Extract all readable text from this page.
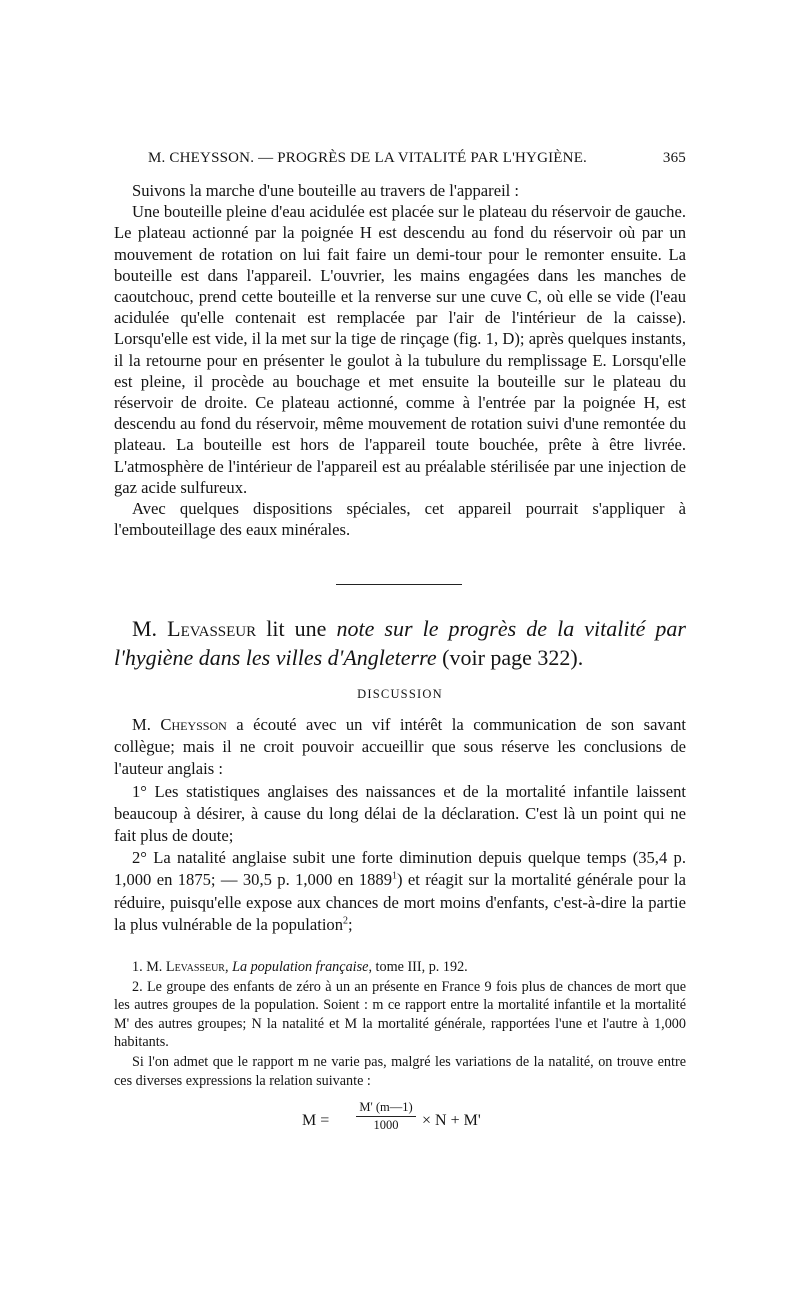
M. CHEYSSON. — PROGRÈS DE LA VITALITÉ PAR L'HYGIÈNE.	365

Suivons la marche d'une bouteille au travers de l'appareil :

Une bouteille pleine d'eau acidulée est placée sur le plateau du réservoir de gauche. Le plateau actionné par la poignée H est descendu au fond du réservoir où par un mouvement de rotation on lui fait faire un demi-tour pour le remonter ensuite. La bouteille est dans l'appareil. L'ouvrier, les mains engagées dans les manches de caoutchouc, prend cette bouteille et la renverse sur une cuve C, où elle se vide (l'eau acidulée qu'elle contenait est remplacée par l'air de l'intérieur de la caisse). Lorsqu'elle est vide, il la met sur la tige de rinçage (fig. 1, D); après quelques instants, il la retourne pour en présenter le goulot à la tubulure du remplissage E. Lorsqu'elle est pleine, il procède au bouchage et met ensuite la bouteille sur le plateau du réservoir de droite. Ce plateau actionné, comme à l'entrée par la poignée H, est descendu au fond du réservoir, même mouvement de rotation suivi d'une remontée du plateau. La bouteille est hors de l'appareil toute bouchée, prête à être livrée. L'atmosphère de l'intérieur de l'appareil est au préalable stérilisée par une injection de gaz acide sulfureux.

Avec quelques dispositions spéciales, cet appareil pourrait s'appliquer à l'embouteillage des eaux minérales.

M. Levasseur lit une note sur le progrès de la vitalité par l'hygiène dans les villes d'Angleterre (voir page 322).

DISCUSSION

M. Cheysson a écouté avec un vif intérêt la communication de son savant collègue; mais il ne croit pouvoir accueillir que sous réserve les conclusions de l'auteur anglais :

1° Les statistiques anglaises des naissances et de la mortalité infantile laissent beaucoup à désirer, à cause du long délai de la déclaration. C'est là un point qui ne fait plus de doute;

2° La natalité anglaise subit une forte diminution depuis quelque temps (35,4 p. 1,000 en 1875; — 30,5 p. 1,000 en 1889$^1$) et réagit sur la mortalité générale pour la réduire, puisqu'elle expose aux chances de mort moins d'enfants, c'est-à-dire la partie la plus vulnérable de la population$^2$;

1. M. Levasseur, La population française, tome III, p. 192.

2. Le groupe des enfants de zéro à un an présente en France 9 fois plus de chances de mort que les autres groupes de la population. Soient : m ce rapport entre la mortalité infantile et la mortalité M' des autres groupes; N la natalité et M la mortalité générale, rapportées l'une et l'autre à 1,000 habitants.

Si l'on admet que le rapport m ne varie pas, malgré les variations de la natalité, on trouve entre ces diverses expressions la relation suivante :

M =
M' (m—1)
1000	× N + M'
